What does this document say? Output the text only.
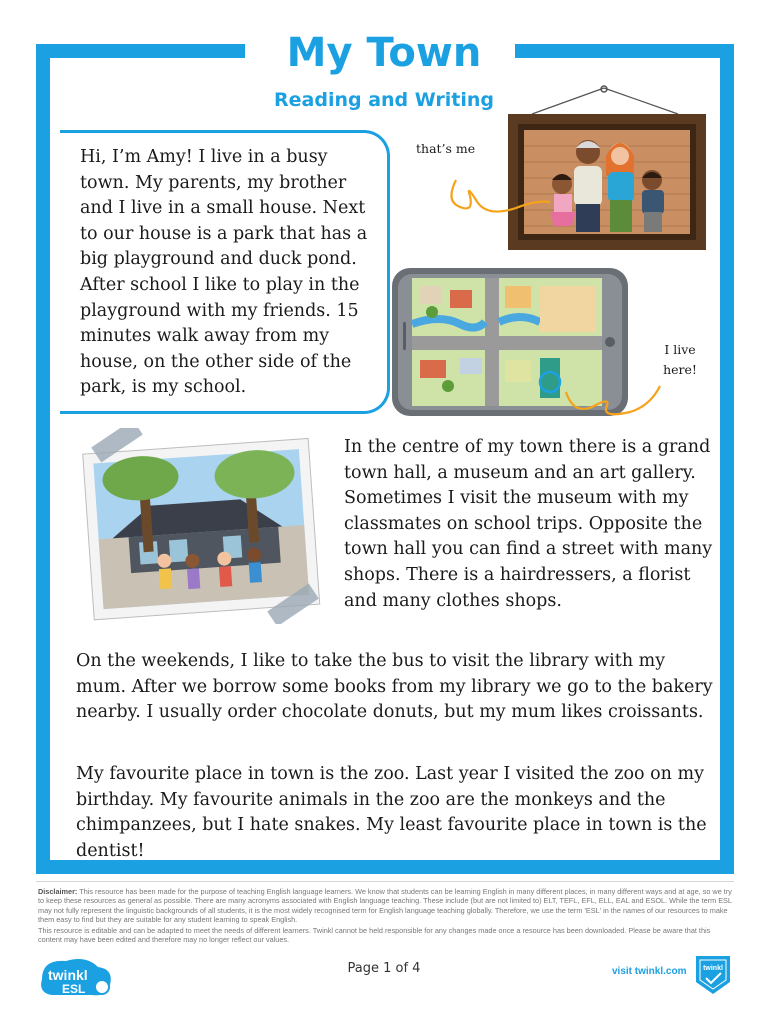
My Town
Reading and Writing

Hi, I’m Amy! I live in a busy town. My parents, my brother and I live in a small house. Next to our house is a park that has a big playground and duck pond. After school I like to play in the playground with my friends. 15 minutes walk away from my house, on the other side of the park, is my school.

that’s me
I live
here!

In the centre of my town there is a grand town hall, a museum and an art gallery. Sometimes I visit the museum with my classmates on school trips. Opposite the town hall you can find a street with many shops. There is a hairdressers, a florist and many clothes shops.

On the weekends, I like to take the bus to visit the library with my mum. After we borrow some books from my library we go to the bakery nearby. I usually order chocolate donuts, but my mum likes croissants.

My favourite place in town is the zoo. Last year I visited the zoo on my birthday. My favourite animals in the zoo are the monkeys and the chimpanzees, but I hate snakes. My least favourite place in town is the dentist!

Disclaimer: This resource has been made for the purpose of teaching English language learners. We know that students can be learning English in many different places, in many different ways and at age, so we try to keep these resources as general as possible. There are many acronyms associated with English language teaching. These include (but are not limited to) ELT, TEFL, EFL, ELL, EAL and ESOL. While the term ESL may not fully represent the linguistic backgrounds of all students, it is the most widely recognised term for English language teaching globally. Therefore, we use the term 'ESL' in the names of our resources to make them easy to find but they are suitable for any student learning to speak English.

This resource is editable and can be adapted to meet the needs of different learners. Twinkl cannot be held responsible for any changes made once a resource has been downloaded. Please be aware that this content may have been edited and therefore may no longer reflect our values.

twinkl
ESL
Page 1 of 4	visit twinkl.com twinkl
